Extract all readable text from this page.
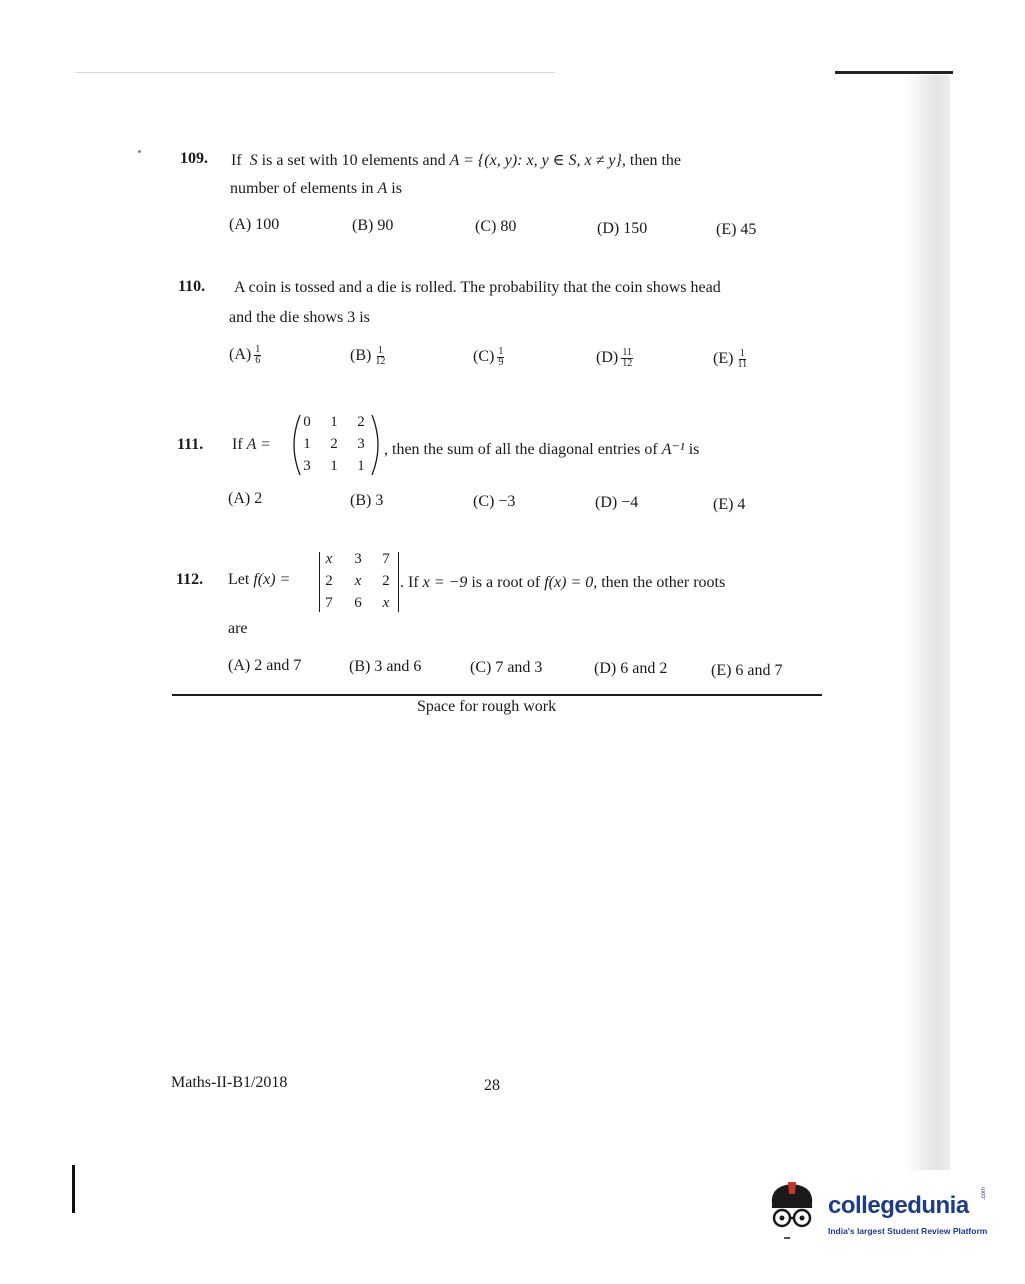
109. If S is a set with 10 elements and A = {(x, y): x, y ∈ S, x ≠ y}, then the
number of elements in A is
(A) 100	(B) 90	(C) 80	(D) 150	(E) 45
110. A coin is tossed and a die is rolled. The probability that the coin shows head
and the die shows 3 is
$(A) \frac{1}{6}$	$(B) \frac{1}{12}$	$(C) \frac{1}{9}$	$(D) \frac{11}{12}$	$(E) \frac{1}{11}$
111. If A =
0 1 2
1 2 3
3 1 1
, then the sum of all the diagonal entries of A⁻¹ is
(A) 2	(B) 3	(C) −3	(D) −4	(E) 4
112. Let f(x) =
x 3 7
2 x 2
7 6 x
. If x = −9 is a root of f(x) = 0, then the other roots
are
(A) 2 and 7	(B) 3 and 6	(C) 7 and 3	(D) 6 and 2	(E) 6 and 7
Space for rough work
Maths-II-B1/2018	28
collegedunia .com
India's largest Student Review Platform
